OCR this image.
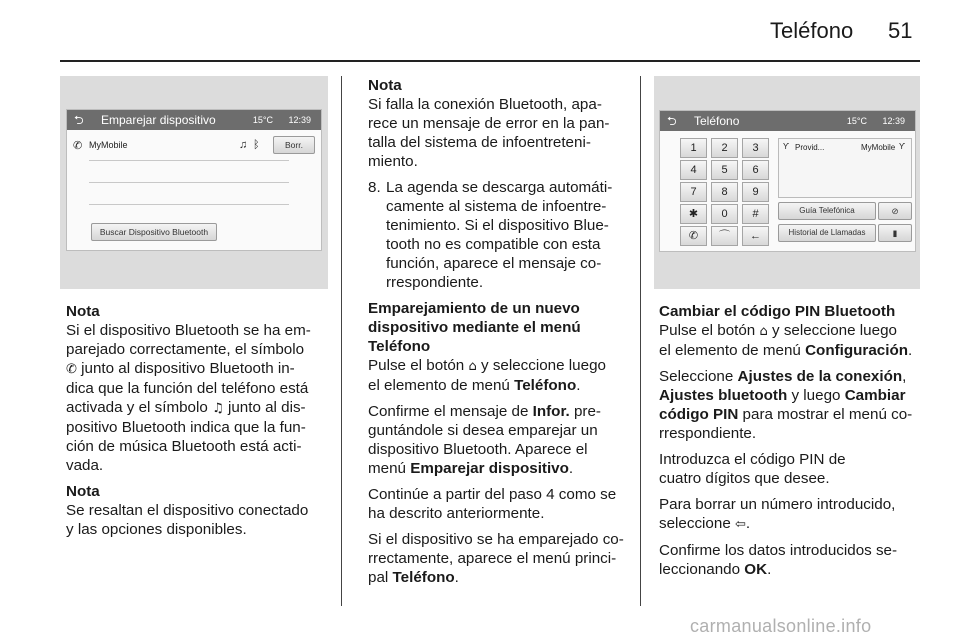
Teléfono 51
⮌ Emparejar dispositivo	15°C 12:39
✆ MyMobile	♫ ᛒ	Borr.
Buscar Dispositivo Bluetooth

Nota
Si el dispositivo Bluetooth se ha em-
parejado correctamente, el símbolo
✆ junto al dispositivo Bluetooth in-
dica que la función del teléfono está
activada y el símbolo ♫ junto al dis-
positivo Bluetooth indica que la fun-
ción de música Bluetooth está acti-
vada.

Nota
Se resaltan el dispositivo conectado
y las opciones disponibles.

Nota
Si falla la conexión Bluetooth, apa-
rece un mensaje de error en la pan-
talla del sistema de infoentreteni-
miento.

8. La agenda se descarga automáti-
camente al sistema de infoentre-
tenimiento. Si el dispositivo Blue-
tooth no es compatible con esta
función, aparece el mensaje co-
rrespondiente.

Emparejamiento de un nuevo
dispositivo mediante el menú
Teléfono

Pulse el botón ⌂ y seleccione luego
el elemento de menú Teléfono.

Confirme el mensaje de Infor. pre-
guntándole si desea emparejar un
dispositivo Bluetooth. Aparece el
menú Emparejar dispositivo.

Continúe a partir del paso 4 como se
ha descrito anteriormente.

Si el dispositivo se ha emparejado co-
rrectamente, aparece el menú princi-
pal Teléfono.

⮌ Teléfono	15°C 12:39
1	2	3
4	5	6
7	8	9
✱	0	#
✆	⌒	←
Ƴ Provid...	MyMobile Ƴ
Guía Telefónica	⊘
Historial de Llamadas	▮

Cambiar el código PIN Bluetooth

Pulse el botón ⌂ y seleccione luego
el elemento de menú Configuración.

Seleccione Ajustes de la conexión,
Ajustes bluetooth y luego Cambiar
código PIN para mostrar el menú co-
rrespondiente.

Introduzca el código PIN de
cuatro dígitos que desee.

Para borrar un número introducido,
seleccione ⇦.

Confirme los datos introducidos se-
leccionando OK.

carmanualsonline.info
